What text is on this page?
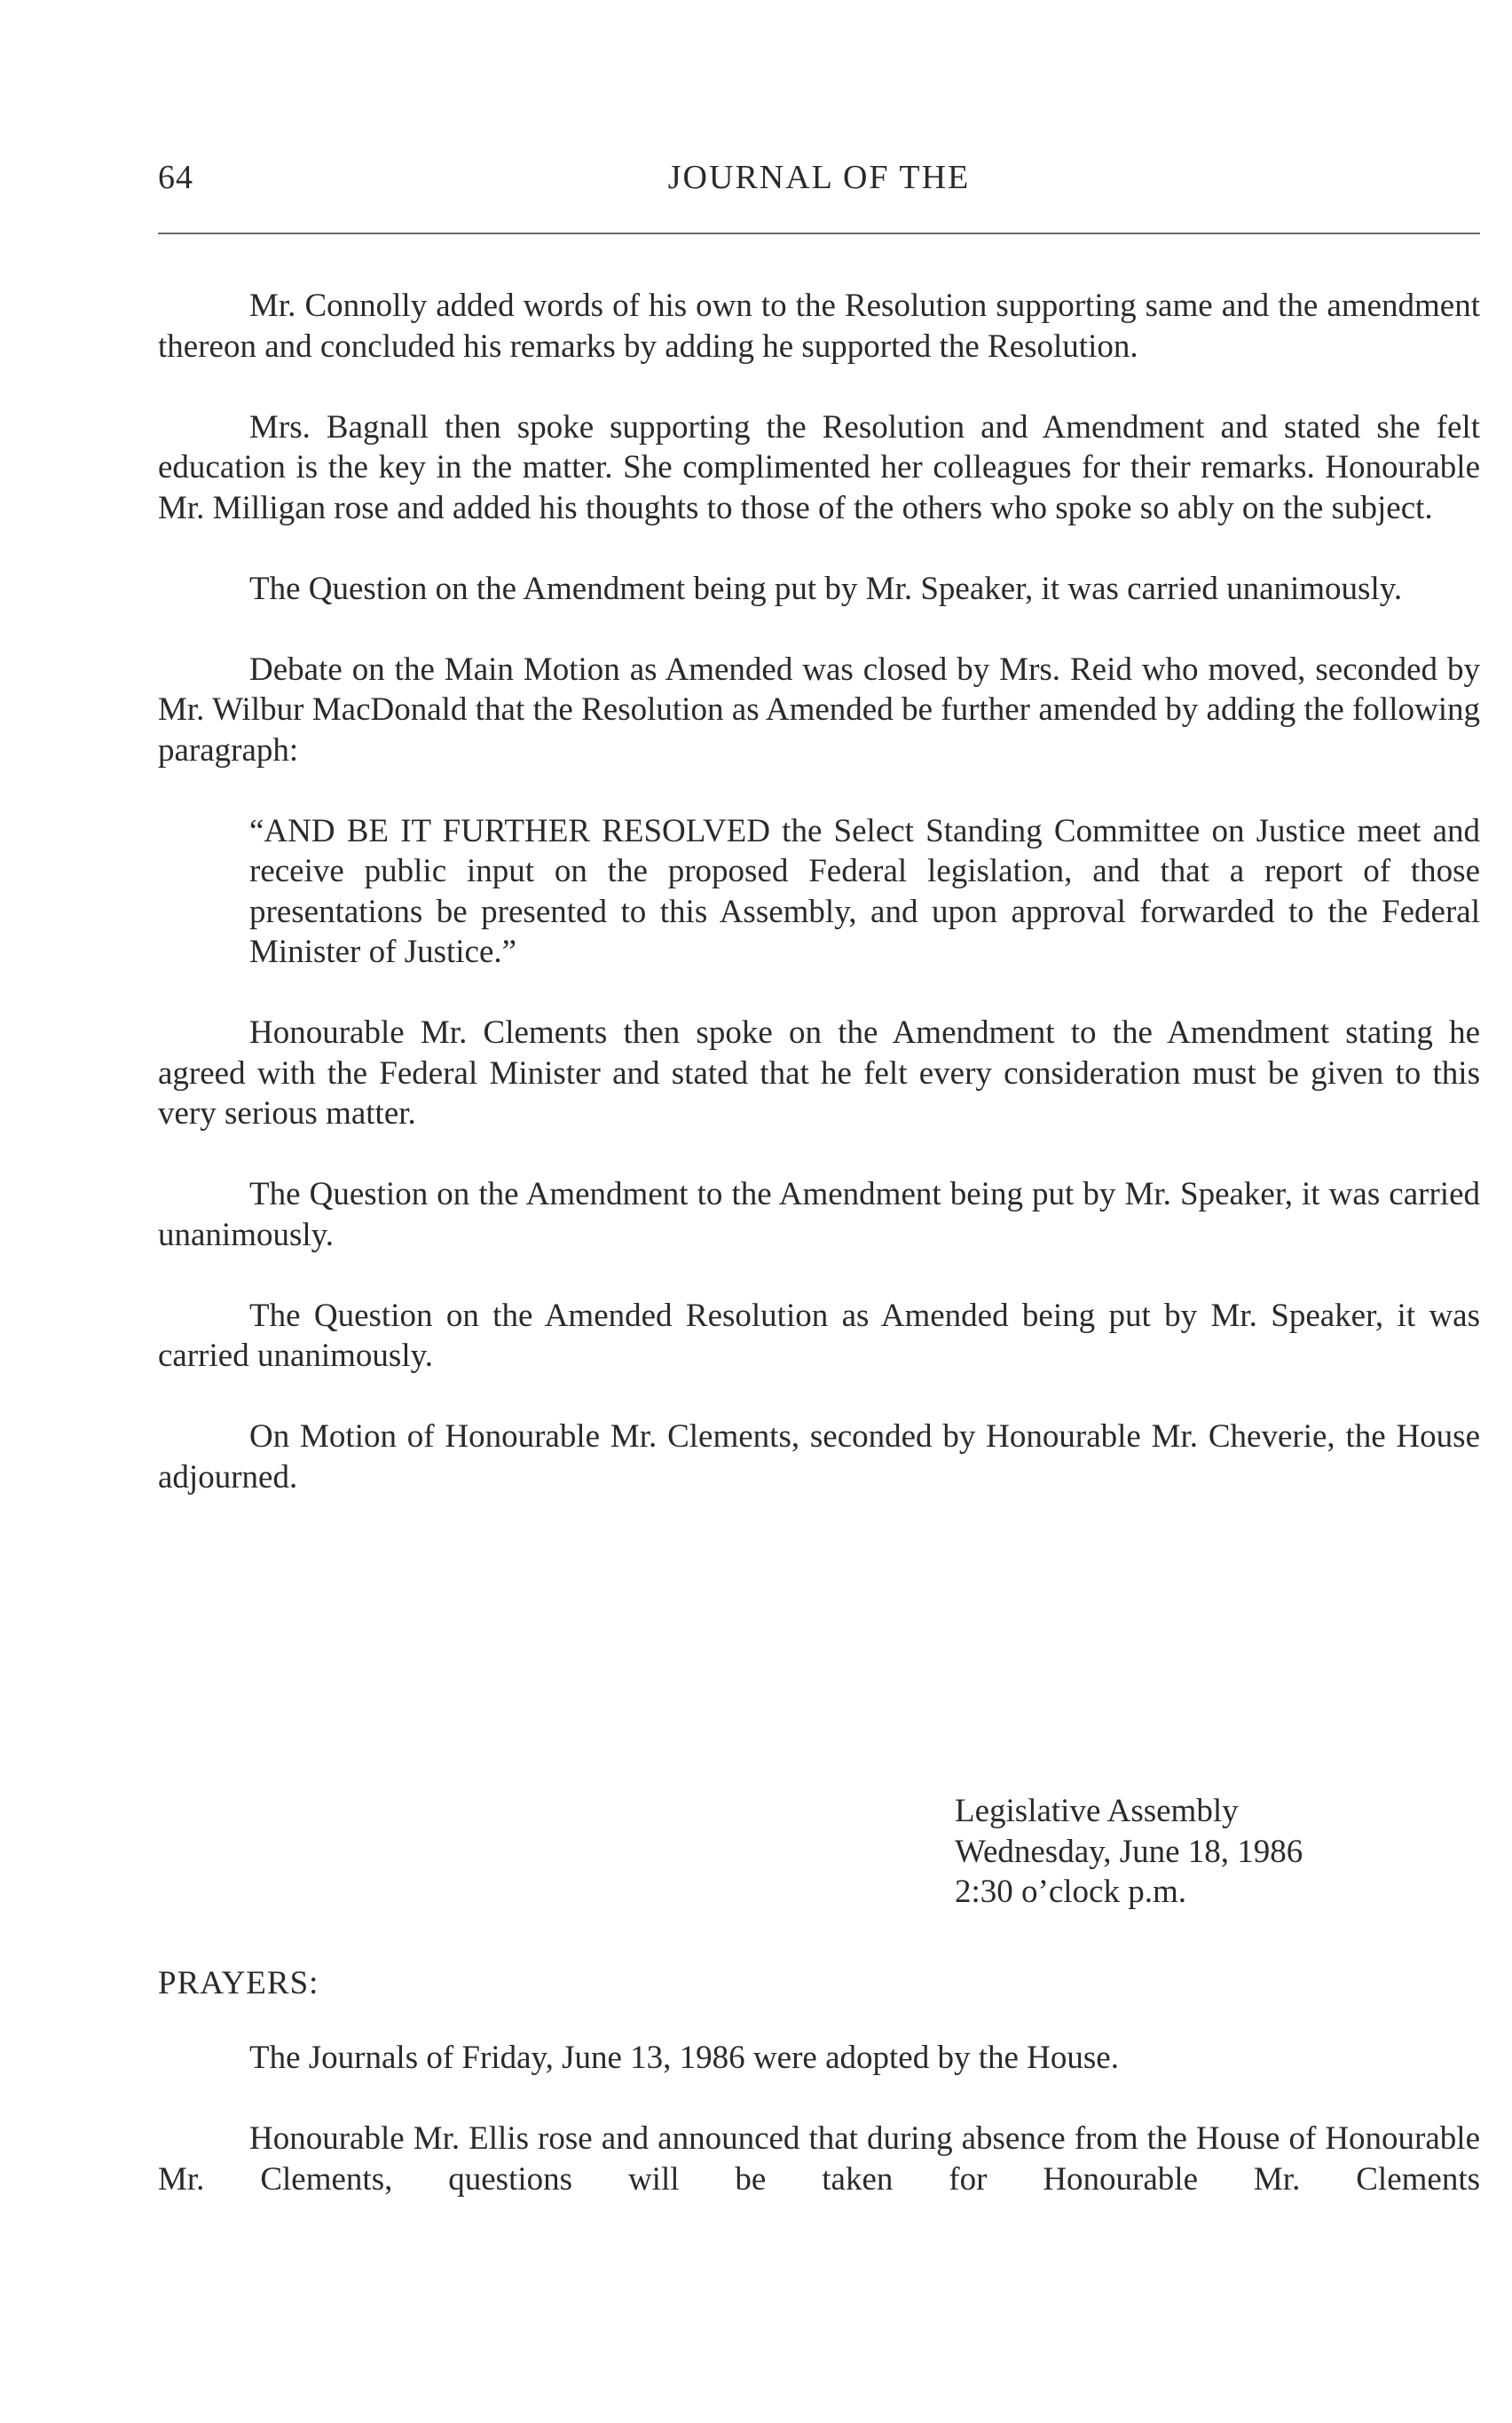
JOURNAL OF THE
64

Mr. Connolly added words of his own to the Resolution supporting same and the amendment thereon and concluded his remarks by adding he supported the Resolution.

Mrs. Bagnall then spoke supporting the Resolution and Amendment and stated she felt education is the key in the matter. She complimented her colleagues for their remarks. Honourable Mr. Milligan rose and added his thoughts to those of the others who spoke so ably on the subject.

The Question on the Amendment being put by Mr. Speaker, it was carried unanimously.

Debate on the Main Motion as Amended was closed by Mrs. Reid who moved, seconded by Mr. Wilbur MacDonald that the Resolution as Amended be further amended by adding the following paragraph:

“AND BE IT FURTHER RESOLVED the Select Standing Committee on Justice meet and receive public input on the proposed Federal legislation, and that a report of those presentations be presented to this Assembly, and upon approval forwarded to the Federal Minister of Justice.”

Honourable Mr. Clements then spoke on the Amendment to the Amendment stating he agreed with the Federal Minister and stated that he felt every consideration must be given to this very serious matter.

The Question on the Amendment to the Amendment being put by Mr. Speaker, it was carried unanimously.

The Question on the Amended Resolution as Amended being put by Mr. Speaker, it was carried unanimously.

On Motion of Honourable Mr. Clements, seconded by Honourable Mr. Cheverie, the House adjourned.

Legislative Assembly
Wednesday, June 18, 1986
2:30 o’clock p.m.
PRAYERS:

The Journals of Friday, June 13, 1986 were adopted by the House.

Honourable Mr. Ellis rose and announced that during absence from the House of Honourable Mr. Clements, questions will be taken for Honourable Mr. Clements
